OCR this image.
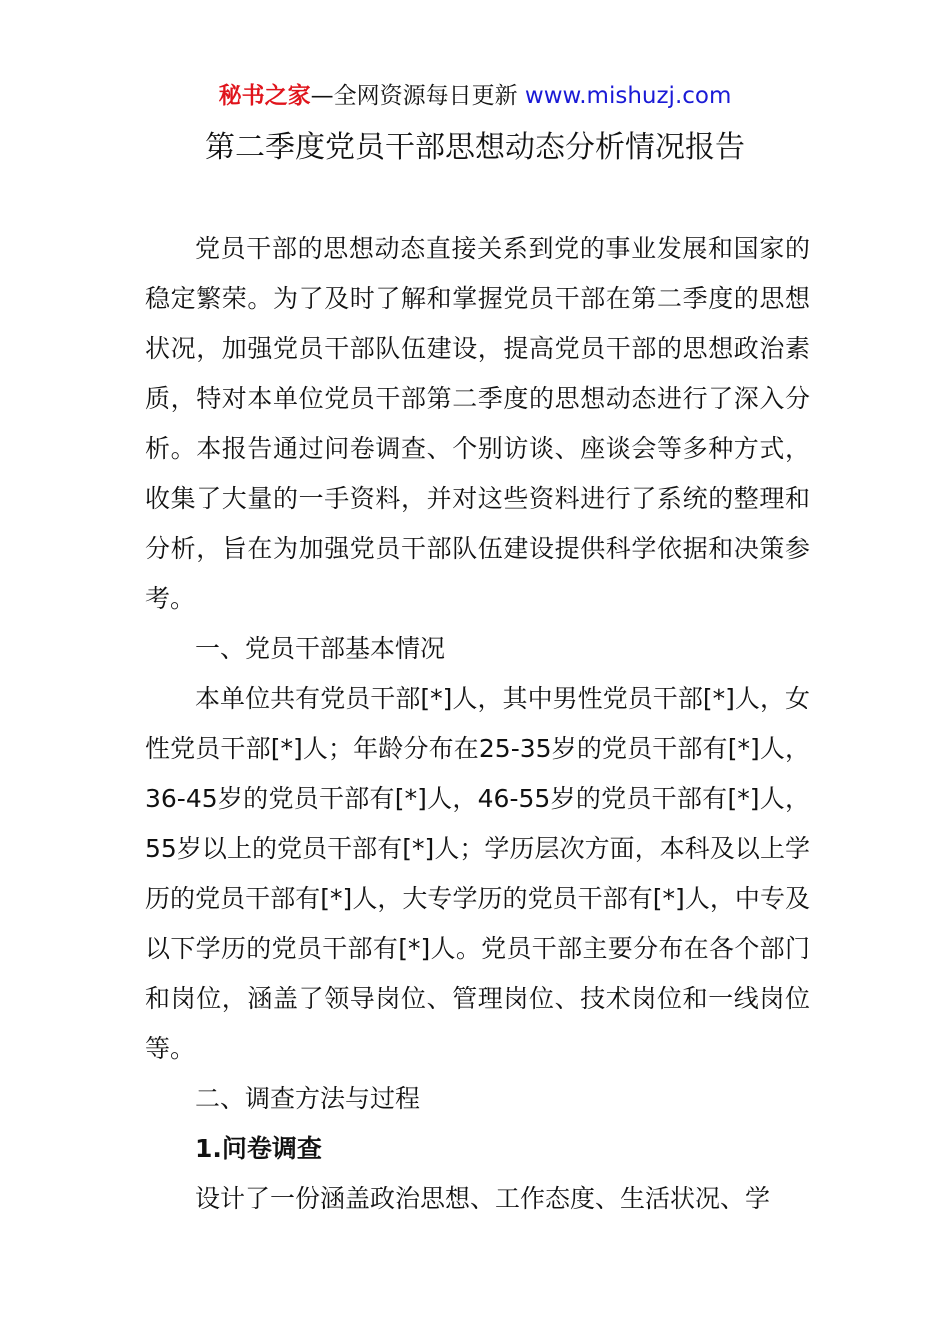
秘书之家—全网资源每日更新 www.mishuzj.com
第二季度党员干部思想动态分析情况报告

党员干部的思想动态直接关系到党的事业发展和国家的稳定繁荣。为了及时了解和掌握党员干部在第二季度的思想状况，加强党员干部队伍建设，提高党员干部的思想政治素质，特对本单位党员干部第二季度的思想动态进行了深入分析。本报告通过问卷调查、个别访谈、座谈会等多种方式，收集了大量的一手资料，并对这些资料进行了系统的整理和分析，旨在为加强党员干部队伍建设提供科学依据和决策参考。

一、党员干部基本情况

本单位共有党员干部[*]人，其中男性党员干部[*]人，女性党员干部[*]人；年龄分布在25-35岁的党员干部有[*]人，36-45岁的党员干部有[*]人，46-55岁的党员干部有[*]人，55岁以上的党员干部有[*]人；学历层次方面，本科及以上学历的党员干部有[*]人，大专学历的党员干部有[*]人，中专及以下学历的党员干部有[*]人。党员干部主要分布在各个部门和岗位，涵盖了领导岗位、管理岗位、技术岗位和一线岗位等。

二、调查方法与过程

1.问卷调查

设计了一份涵盖政治思想、工作态度、生活状况、学
